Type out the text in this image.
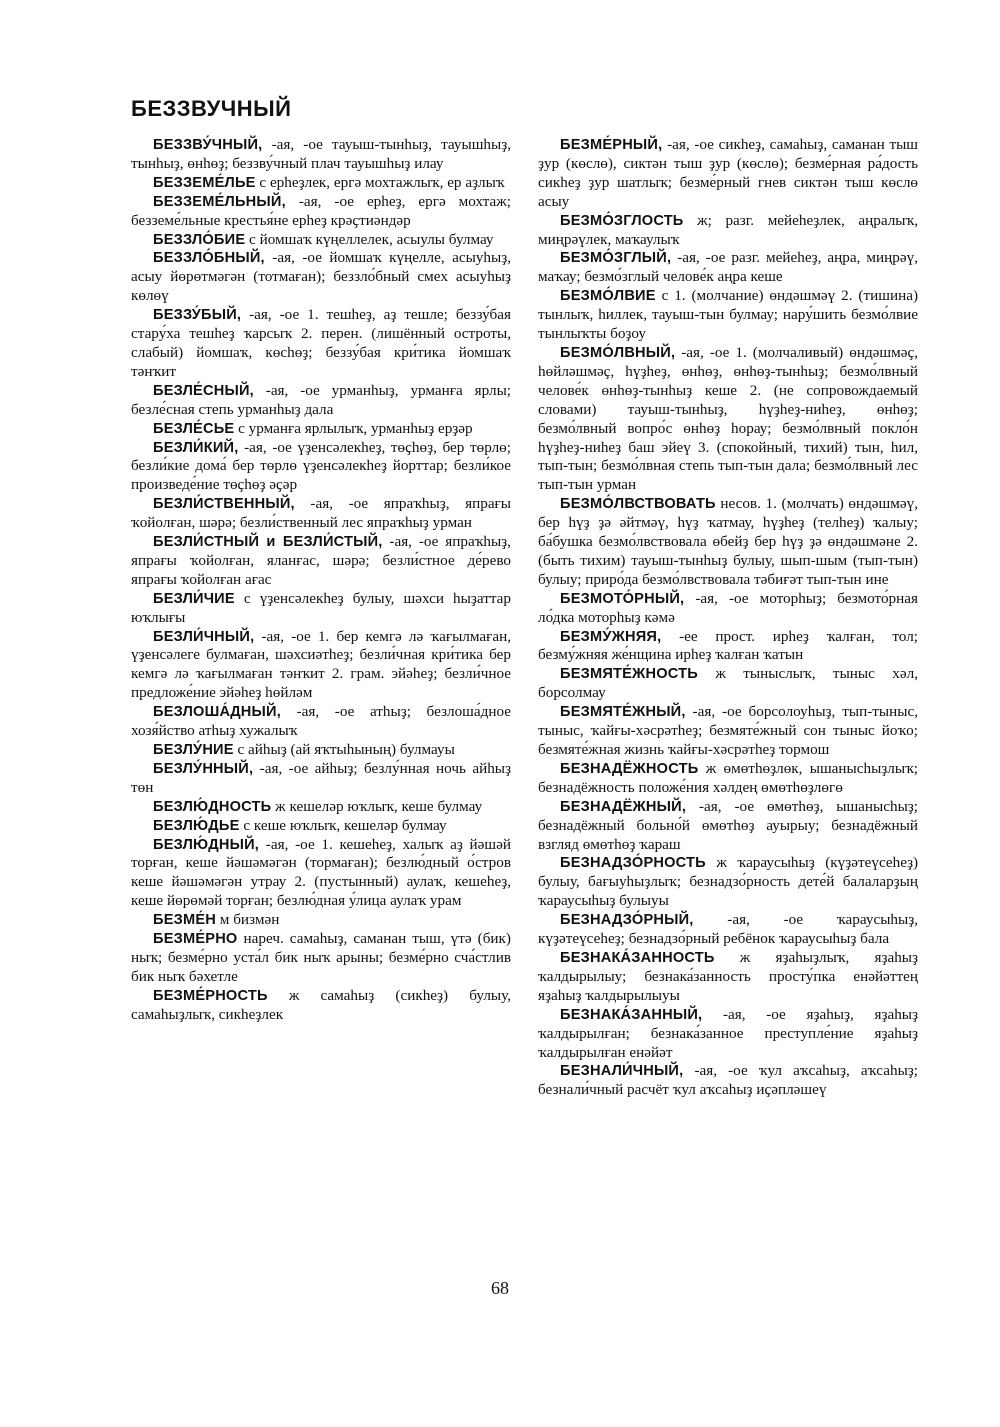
БЕЗЗВУЧНЫЙ
БЕЗЗВУ́ЧНЫЙ, -ая, -ое тауыш-тынһыҙ, тауышһыҙ, тынһыҙ, өнһөҙ; беззву́чный плач тауышһыҙ илау
БЕЗЗЕМЕ́ЛЬЕ с ерһеҙлек, ергә мохтажлыҡ, ер аҙлыҡ
БЕЗЗЕМЕ́ЛЬНЫЙ, -ая, -ое ерһеҙ, ергә мохтаж; безземе́льные крестья́не ерһеҙ крәҫтиәндәр
БЕЗЗЛО́БИЕ с йомшаҡ күңеллелек, асыулы булмау
БЕЗЗЛО́БНЫЙ, -ая, -ое йомшаҡ күңелле, асыуһыҙ, асыу йөрөтмәгән (тотмаған); беззло́бный смех асыуһыҙ көлөү
БЕЗЗУ́БЫЙ, -ая, -ое 1. тешһеҙ, аҙ тешле; беззу́бая стару́ха тешһеҙ ҡарсыҡ 2. перен. (лишённый остроты, слабый) йомшаҡ, көсһөҙ; беззу́бая кри́тика йомшаҡ тәнҡит
БЕЗЛЕ́СНЫЙ, -ая, -ое урманһыҙ, урманға ярлы; безле́сная степь урманһыҙ дала
БЕЗЛЕ́СЬЕ с урманға ярлылыҡ, урманһыҙ ерҙәр
БЕЗЛИ́КИЙ, -ая, -ое үҙенсәлекһеҙ, төҫһөҙ, бер төрлө; безли́кие дома́ бер төрлө үҙенсәлекһеҙ йорттар; безли́кое произведе́ние төҫһөҙ әҫәр
БЕЗЛИ́СТВЕННЫЙ, -ая, -ое япраҡһыҙ, япрағы ҡойолған, шәрә; безли́ственный лес япраҡһыҙ урман
БЕЗЛИ́СТНЫЙ и БЕЗЛИ́СТЫЙ, -ая, -ое япраҡһыҙ, япрағы ҡойолған, яланғас, шәрә; безли́стное де́рево япрағы ҡойолған ағас
БЕЗЛИ́ЧИЕ с үҙенсәлекһеҙ булыу, шәхси һыҙаттар юҡлығы
БЕЗЛИ́ЧНЫЙ, -ая, -ое 1. бер кемгә лә ҡағылмаған, үҙенсәлеге булмаған, шәхсиәтһеҙ; безли́чная кри́тика бер кемгә лә ҡағылмаған тәнҡит 2. грам. эйәһеҙ; безли́чное предложе́ние эйәһеҙ һөйләм
БЕЗЛОША́ДНЫЙ, -ая, -ое атһыҙ; безлоша́дное хозя́йство атһыҙ хужалыҡ
БЕЗЛУ́НИЕ с айһыҙ (ай яҡтыһының) булмауы
БЕЗЛУ́ННЫЙ, -ая, -ое айһыҙ; безлу́нная ночь айһыҙ төн
БЕЗЛЮ́ДНОСТЬ ж кешеләр юҡлыҡ, кеше булмау
БЕЗЛЮ́ДЬЕ с кеше юҡлыҡ, кешеләр булмау
БЕЗЛЮ́ДНЫЙ, -ая, -ое 1. кешеһеҙ, халыҡ аҙ йәшәй торған, кеше йәшәмәгән (тормаған); безлю́дный о́стров кеше йәшәмәгән утрау 2. (пустынный) аулаҡ, кешеһеҙ, кеше йөрөмәй торған; безлю́дная у́лица аулаҡ урам
БЕЗМЕ́Н м бизмән
БЕЗМЕ́РНО нареч. самаһыҙ, саманан тыш, үтә (бик) ныҡ; безме́рно уста́л бик ныҡ арыны; безме́рно сча́стлив бик ныҡ бәхетле
БЕЗМЕ́РНОСТЬ ж самаһыҙ (сикһеҙ) булыу, самаһыҙлыҡ, сикһеҙлек
БЕЗМЕ́РНЫЙ, -ая, -ое сикһеҙ, самаһыҙ, саманан тыш ҙур (көслө), сиктән тыш ҙур (көслө); безме́рная ра́дость сикһеҙ ҙур шатлыҡ; безме́рный гнев сиктән тыш көслө асыу
БЕЗМО́ЗГЛОСТЬ ж; разг. мейеһеҙлек, аңралыҡ, миңрәүлек, маҡаулыҡ
БЕЗМО́ЗГЛЫЙ, -ая, -ое разг. мейеһеҙ, аңра, миңрәү, маҡау; безмо́зглый челове́к аңра кеше
БЕЗМО́ЛВИЕ с 1. (молчание) өндәшмәү 2. (тишина) тынлыҡ, һиллек, тауыш-тын булмау; нару́шить безмо́лвие тынлыҡты боҙоу
БЕЗМО́ЛВНЫЙ, -ая, -ое 1. (молчаливый) өндәшмәҫ, һөйләшмәҫ, һүҙһеҙ, өнһөҙ, өнһөҙ-тынһыҙ; безмо́лвный челове́к өнһөҙ-тынһыҙ кеше 2. (не сопровождаемый словами) тауыш-тынһыҙ, һүҙһеҙ-ниһеҙ, өнһөҙ; безмо́лвный вопро́с өнһөҙ һорау; безмо́лвный покло́н һүҙһеҙ-ниһеҙ баш эйеү 3. (спокойный, тихий) тын, һил, тып-тын; безмо́лвная степь тып-тын дала; безмо́лвный лес тып-тын урман
БЕЗМО́ЛВСТВОВАТЬ несов. 1. (молчать) өндәшмәү, бер һүҙ ҙә әйтмәү, һүҙ ҡатмау, һүҙһеҙ (телһеҙ) ҡалыу; ба́бушка безмо́лвствовала өбейҙ бер һүҙ ҙә өндәшмәне 2. (быть тихим) тауыш-тынһыҙ булыу, шып-шым (тып-тын) булыу; приро́да безмо́лвствовала тәбиғәт тып-тын ине
БЕЗМОТО́РНЫЙ, -ая, -ое моторһыҙ; безмото́рная ло́дка моторһыҙ кәмә
БЕЗМУ́ЖНЯЯ, -ее прост. ирһеҙ ҡалған, тол; безму́жняя же́нщина ирһеҙ ҡалған ҡатын
БЕЗМЯТЕ́ЖНОСТЬ ж тыныслыҡ, тыныс хәл, борсолмау
БЕЗМЯТЕ́ЖНЫЙ, -ая, -ое борсолоуһыҙ, тып-тыныс, тыныс, ҡайғы-хәсрәтһеҙ; безмяте́жный сон тыныс йоҡо; безмяте́жная жизнь ҡайғы-хәсрәтһеҙ тормош
БЕЗНАДЁЖНОСТЬ ж өмөтһөҙлөк, ышанысһыҙлыҡ; безнадёжность положе́ния хәлдең өмөтһөҙлөгө
БЕЗНАДЁЖНЫЙ, -ая, -ое өмөтһөҙ, ышанысһыҙ; безнадёжный больно́й өмөтһөҙ ауырыу; безнадёжный взгляд өмөтһөҙ ҡараш
БЕЗНАДЗО́РНОСТЬ ж ҡараусыһыҙ (күҙәтеүсеһеҙ) булыу, бағыуһыҙлыҡ; безнадзо́рность дете́й балаларҙың ҡараусыһыҙ булыуы
БЕЗНАДЗО́РНЫЙ, -ая, -ое ҡараусыһыҙ, күҙәтеүсеһеҙ; безнадзо́рный ребёнок ҡараусыһыҙ бала
БЕЗНАКА́ЗАННОСТЬ ж яҙаһыҙлыҡ, яҙаһыҙ ҡалдырылыу; безнака́занность просту́пка енәйәттең яҙаһыҙ ҡалдырылыуы
БЕЗНАКА́ЗАННЫЙ, -ая, -ое яҙаһыҙ, яҙаһыҙ ҡалдырылған; безнака́занное преступле́ние яҙаһыҙ ҡалдырылған енәйәт
БЕЗНАЛИ́ЧНЫЙ, -ая, -ое ҡул аҡсаһыҙ, аҡсаһыҙ; безнали́чный расчёт ҡул аҡсаһыҙ иҫәпләшеү
68
